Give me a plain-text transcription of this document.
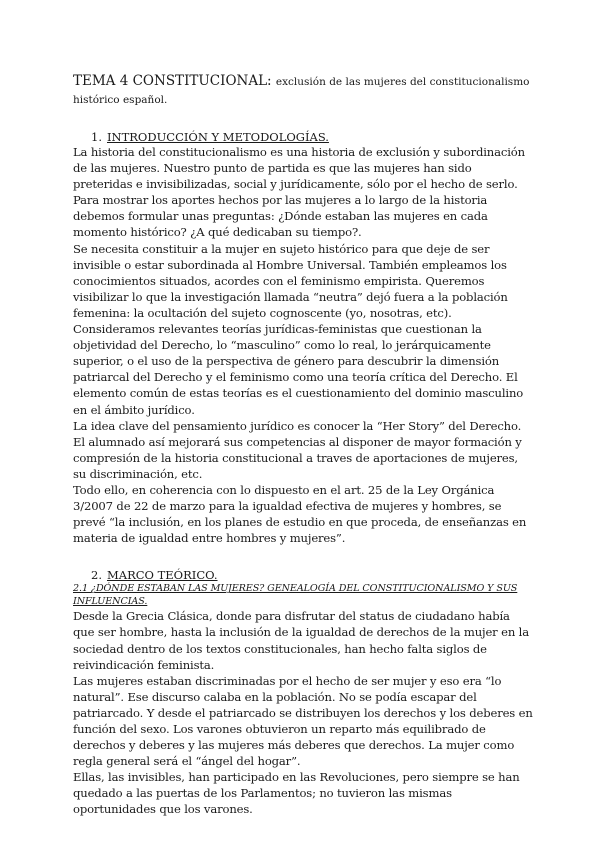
TEMA 4 CONSTITUCIONAL: exclusión de las mujeres del constitucionalismo histórico español.

1. INTRODUCCIÓN Y METODOLOGÍAS.

La historia del constitucionalismo es una historia de exclusión y subordinación de las mujeres. Nuestro punto de partida es que las mujeres han sido preteridas e invisibilizadas, social y jurídicamente, sólo por el hecho de serlo.

Para mostrar los aportes hechos por las mujeres a lo largo de la historia debemos formular unas preguntas: ¿Dónde estaban las mujeres en cada momento histórico? ¿A qué dedicaban su tiempo?.

Se necesita constituir a la mujer en sujeto histórico para que deje de ser invisible o estar subordinada al Hombre Universal. También empleamos los conocimientos situados, acordes con el feminismo empirista. Queremos visibilizar lo que la investigación llamada “neutra” dejó fuera a la población femenina: la ocultación del sujeto cognoscente (yo, nosotras, etc).

Consideramos relevantes teorías jurídicas-feministas que cuestionan la objetividad del Derecho, lo “masculino” como lo real, lo jerárquicamente superior, o el uso de la perspectiva de género para descubrir la dimensión patriarcal del Derecho y el feminismo como una teoría crítica del Derecho. El elemento común de estas teorías es el cuestionamiento del dominio masculino en el ámbito jurídico.

La idea clave del pensamiento jurídico es conocer la “Her Story” del Derecho. El alumnado así mejorará sus competencias al disponer de mayor formación y compresión de la historia constitucional a traves de aportaciones de mujeres, su discriminación, etc.

Todo ello, en coherencia con lo dispuesto en el art. 25 de la Ley Orgánica 3/2007 de 22 de marzo para la igualdad efectiva de mujeres y hombres, se prevé “la inclusión, en los planes de estudio en que proceda, de enseñanzas en materia de igualdad entre hombres y mujeres”.

2. MARCO TEÓRICO.

2.1 ¿DÓNDE ESTABAN LAS MUJERES? GENEALOGÍA DEL CONSTITUCIONALISMO Y SUS INFLUENCIAS.

Desde la Grecia Clásica, donde para disfrutar del status de ciudadano había que ser hombre, hasta la inclusión de la igualdad de derechos de la mujer en la sociedad dentro de los textos constitucionales, han hecho falta siglos de reivindicación feminista.

Las mujeres estaban discriminadas por el hecho de ser mujer y eso era “lo natural”. Ese discurso calaba en la población. No se podía escapar del patriarcado. Y desde el patriarcado se distribuyen los derechos y los deberes en función del sexo. Los varones obtuvieron un reparto más equilibrado de derechos y deberes y las mujeres más deberes que derechos. La mujer como regla general será el “ángel del hogar”.

Ellas, las invisibles, han participado en las Revoluciones, pero siempre se han quedado a las puertas de los Parlamentos; no tuvieron las mismas oportunidades que los varones.
